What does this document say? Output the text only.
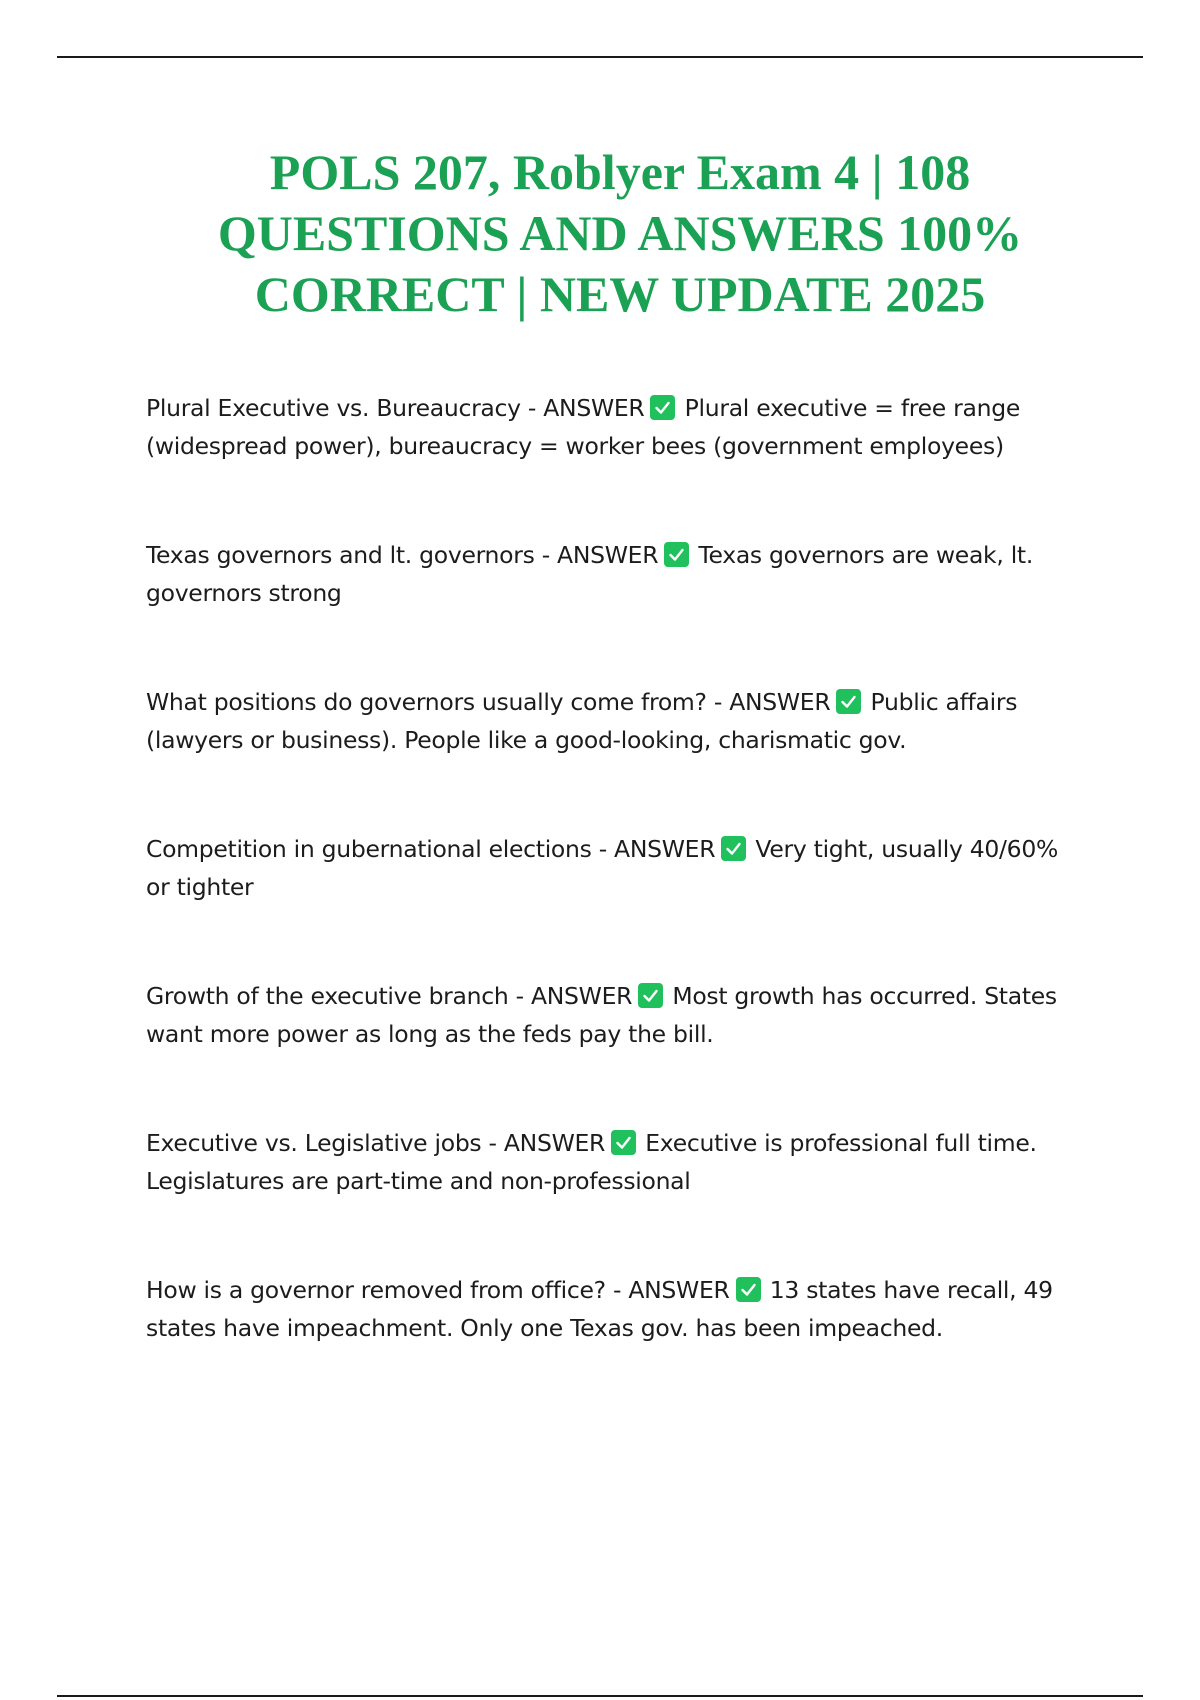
POLS 207, Roblyer Exam 4 | 108
QUESTIONS AND ANSWERS 100%
CORRECT | NEW UPDATE 2025

Plural Executive vs. Bureaucracy - ANSWER
Plural executive = free range (widespread power), bureaucracy = worker bees (government employees)

Texas governors and lt. governors - ANSWER
Texas governors are weak, lt. governors strong

What positions do governors usually come from? - ANSWER
Public affairs (lawyers or business). People like a good-looking, charismatic gov.

Competition in gubernational elections - ANSWER
Very tight, usually 40/60% or tighter

Growth of the executive branch - ANSWER
Most growth has occurred. States want more power as long as the feds pay the bill.

Executive vs. Legislative jobs - ANSWER
Executive is professional full time. Legislatures are part-time and non-professional

How is a governor removed from office? - ANSWER
13 states have recall, 49 states have impeachment. Only one Texas gov. has been impeached.
